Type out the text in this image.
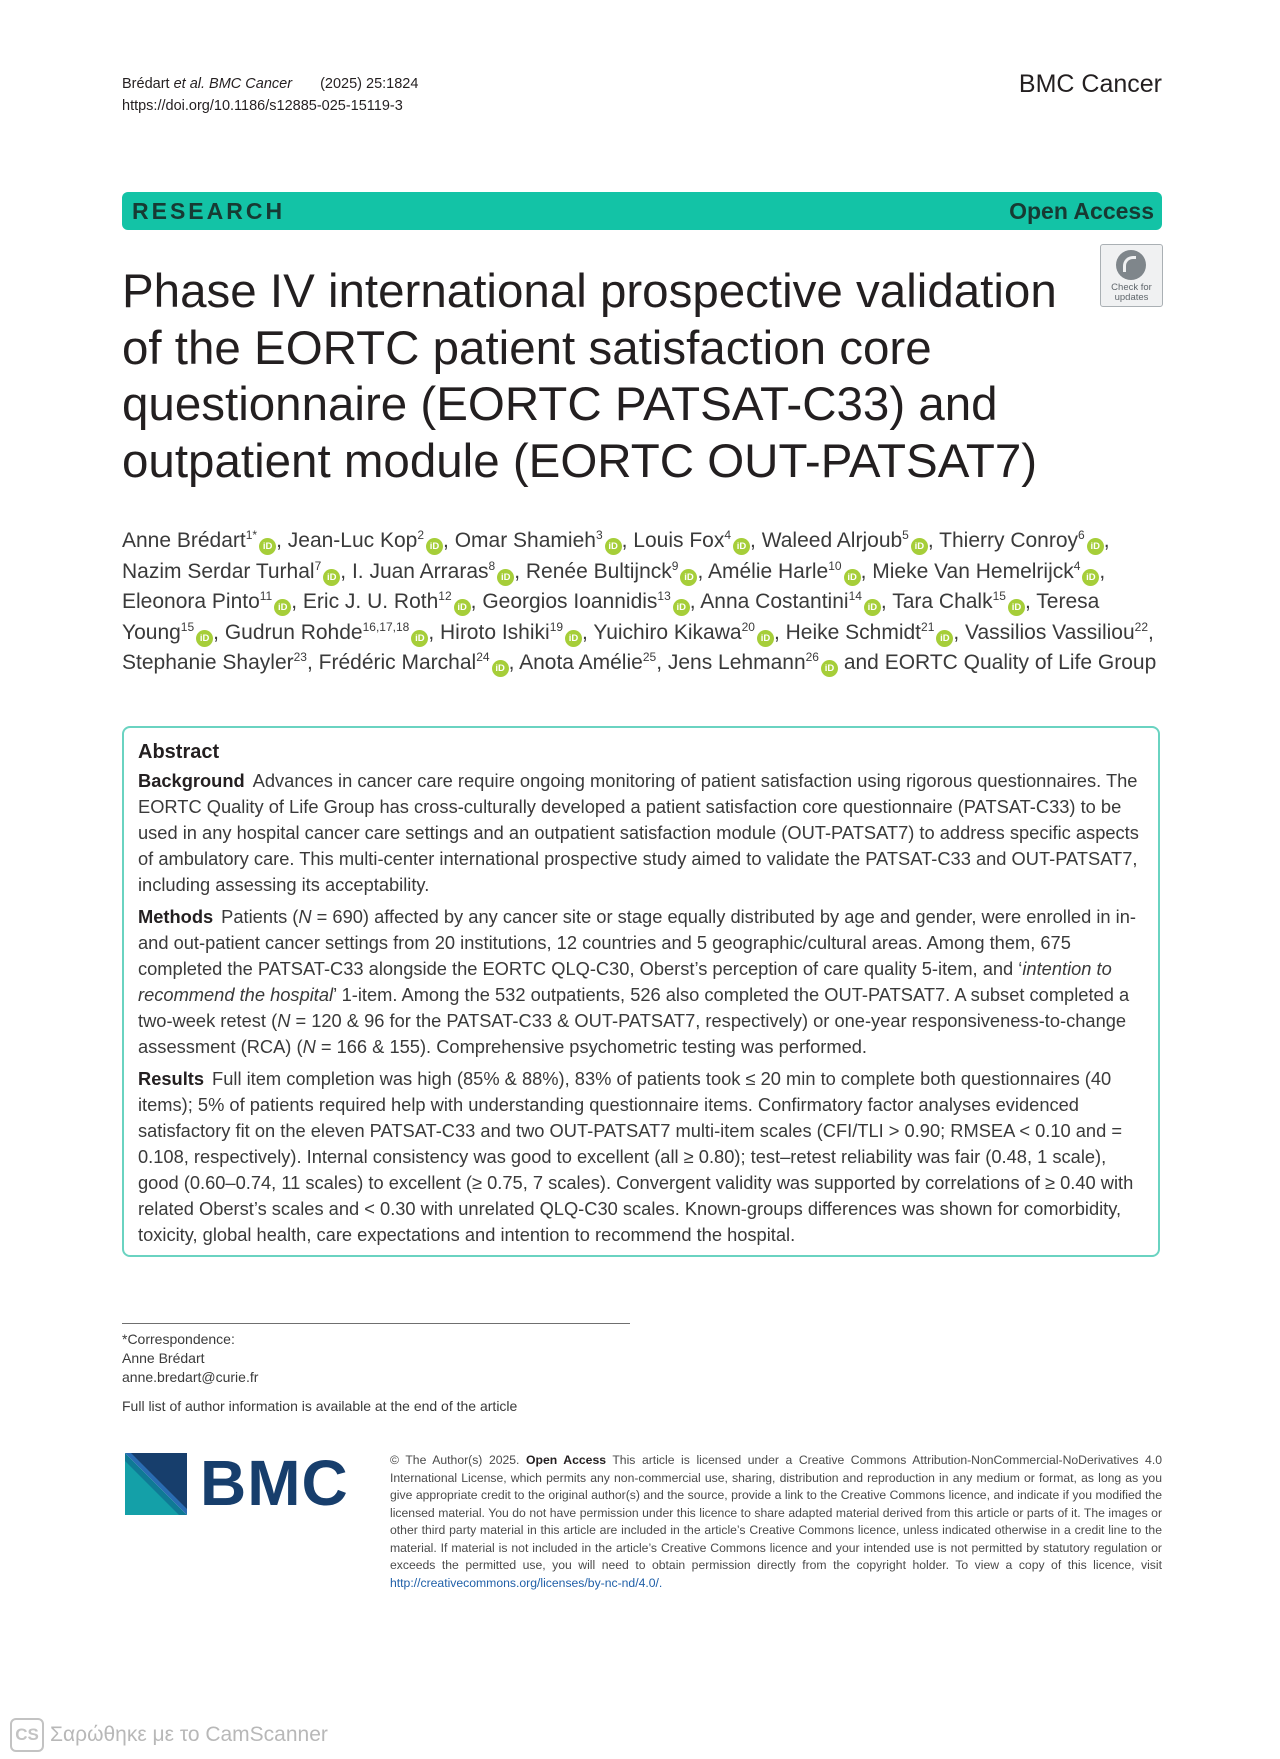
Brédart et al. BMC Cancer (2025) 25:1824
https://doi.org/10.1186/s12885-025-15119-3
BMC Cancer
RESEARCH	Open Access
Check for updates
Phase IV international prospective validation of the EORTC patient satisfaction core questionnaire (EORTC PATSAT-C33) and outpatient module (EORTC OUT-PATSAT7)
Anne Brédart$^{1*}$iD , Jean-Luc Kop$^2$iD , Omar Shamieh$^3$iD , Louis Fox$^4$iD , Waleed Alrjoub$^5$iD , Thierry Conroy$^6$iD , Nazim Serdar Turhal$^7$iD , I. Juan Arraras$^8$iD , Renée Bultijnck$^9$iD , Amélie Harle$^{10}$iD , Mieke Van Hemelrijck$^4$iD , Eleonora Pinto$^{11}$iD , Eric J. U. Roth$^{12}$iD , Georgios Ioannidis$^{13}$iD , Anna Costantini$^{14}$iD , Tara Chalk$^{15}$iD , Teresa Young$^{15}$iD , Gudrun Rohde$^{16,17,18}$iD , Hiroto Ishiki$^{19}$iD , Yuichiro Kikawa$^{20}$iD , Heike Schmidt$^{21}$iD , Vassilios Vassiliou$^{22}$, Stephanie Shayler$^{23}$, Frédéric Marchal$^{24}$iD , Anota Amélie$^{25}$, Jens Lehmann$^{26}$iD and EORTC Quality of Life Group
Abstract

Background Advances in cancer care require ongoing monitoring of patient satisfaction using rigorous questionnaires. The EORTC Quality of Life Group has cross-culturally developed a patient satisfaction core questionnaire (PATSAT-C33) to be used in any hospital cancer care settings and an outpatient satisfaction module (OUT-PATSAT7) to address specific aspects of ambulatory care. This multi-center international prospective study aimed to validate the PATSAT-C33 and OUT-PATSAT7, including assessing its acceptability.

Methods Patients (N = 690) affected by any cancer site or stage equally distributed by age and gender, were enrolled in in- and out-patient cancer settings from 20 institutions, 12 countries and 5 geographic/cultural areas. Among them, 675 completed the PATSAT-C33 alongside the EORTC QLQ-C30, Oberst’s perception of care quality 5-item, and ‘intention to recommend the hospital’ 1-item. Among the 532 outpatients, 526 also completed the OUT-PATSAT7. A subset completed a two-week retest (N = 120 & 96 for the PATSAT-C33 & OUT-PATSAT7, respectively) or one-year responsiveness-to-change assessment (RCA) (N = 166 & 155). Comprehensive psychometric testing was performed.

Results Full item completion was high (85% & 88%), 83% of patients took ≤ 20 min to complete both questionnaires (40 items); 5% of patients required help with understanding questionnaire items. Confirmatory factor analyses evidenced satisfactory fit on the eleven PATSAT-C33 and two OUT-PATSAT7 multi-item scales (CFI/TLI > 0.90; RMSEA < 0.10 and = 0.108, respectively). Internal consistency was good to excellent (all ≥ 0.80); test–retest reliability was fair (0.48, 1 scale), good (0.60–0.74, 11 scales) to excellent (≥ 0.75, 7 scales). Convergent validity was supported by correlations of ≥ 0.40 with related Oberst’s scales and < 0.30 with unrelated QLQ-C30 scales. Known-groups differences was shown for comorbidity, toxicity, global health, care expectations and intention to recommend the hospital.

*Correspondence:
Anne Brédart
anne.bredart@curie.fr
Full list of author information is available at the end of the article
BMC	© The Author(s) 2025. Open Access This article is licensed under a Creative Commons Attribution-NonCommercial-NoDerivatives 4.0 International License, which permits any non-commercial use, sharing, distribution and reproduction in any medium or format, as long as you give appropriate credit to the original author(s) and the source, provide a link to the Creative Commons licence, and indicate if you modified the licensed material. You do not have permission under this licence to share adapted material derived from this article or parts of it. The images or other third party material in this article are included in the article’s Creative Commons licence, unless indicated otherwise in a credit line to the material. If material is not included in the article’s Creative Commons licence and your intended use is not permitted by statutory regulation or exceeds the permitted use, you will need to obtain permission directly from the copyright holder. To view a copy of this licence, visit http://creativecommons.org/licenses/by-nc-nd/4.0/.
CS Σαρώθηκε με το CamScanner
